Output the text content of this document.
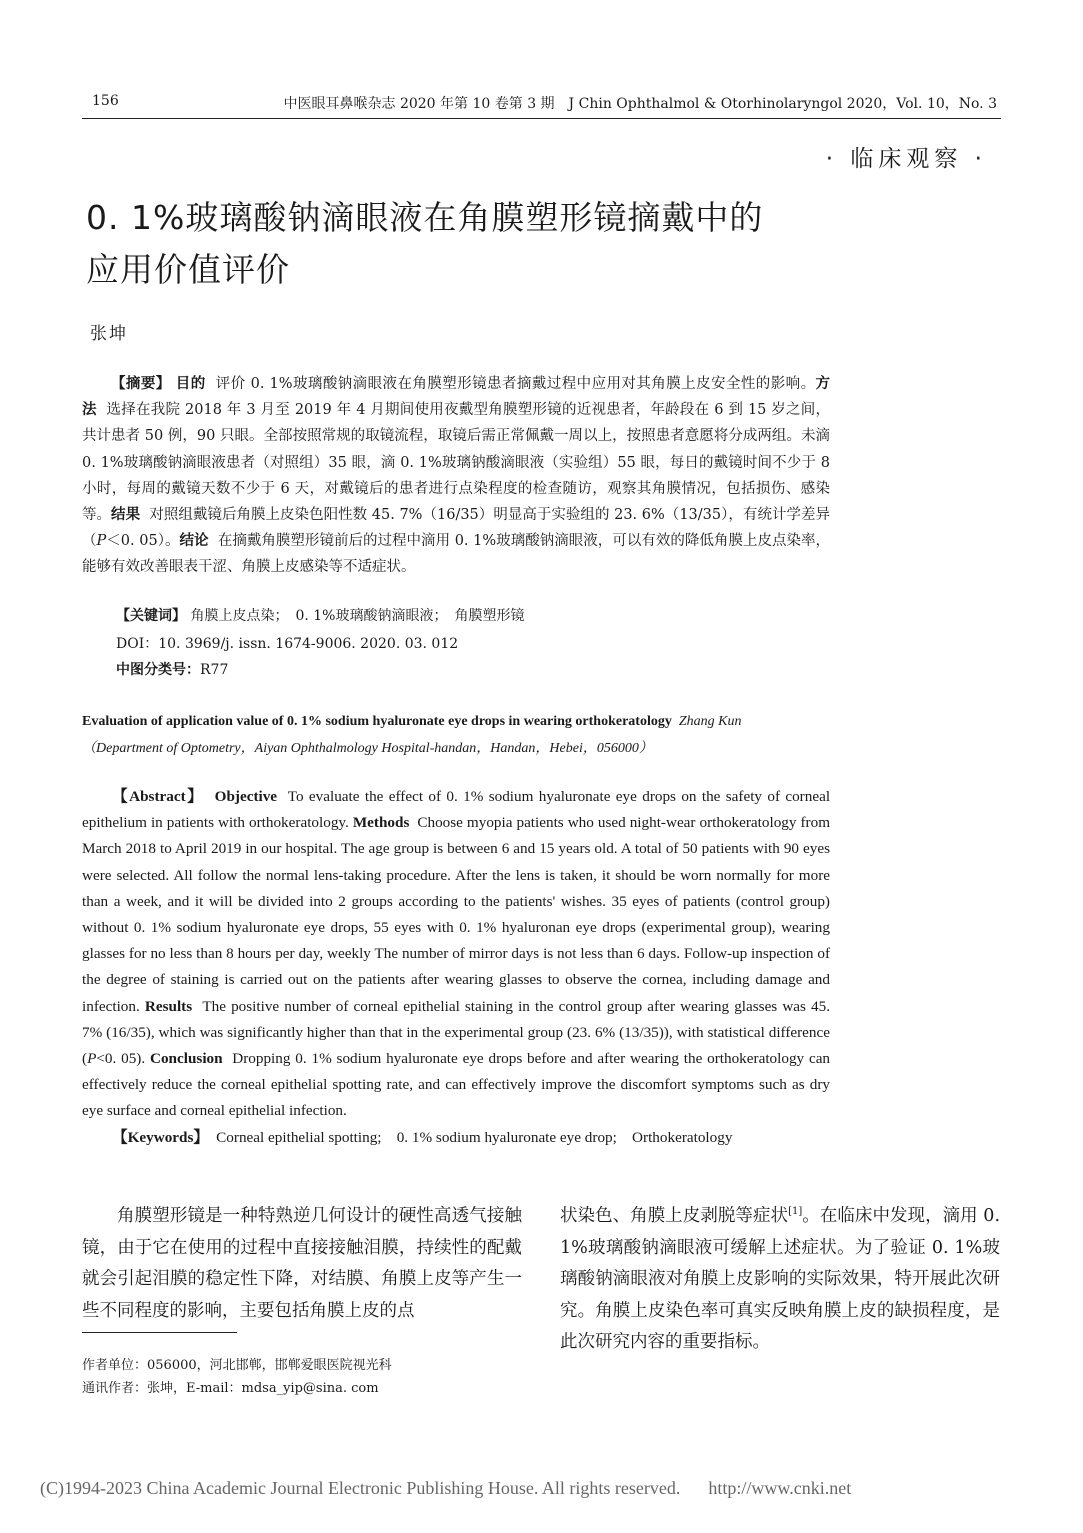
156	中医眼耳鼻喉杂志 2020 年第 10 卷第 3 期　J Chin Ophthalmol & Otorhinolaryngol 2020，Vol. 10，No. 3
· 临床观察 ·
0. 1%玻璃酸钠滴眼液在角膜塑形镜摘戴中的
应用价值评价
张坤

【摘要】 目的 评价 0. 1%玻璃酸钠滴眼液在角膜塑形镜患者摘戴过程中应用对其角膜上皮安全性的影响。方法 选择在我院 2018 年 3 月至 2019 年 4 月期间使用夜戴型角膜塑形镜的近视患者，年龄段在 6 到 15 岁之间，共计患者 50 例，90 只眼。全部按照常规的取镜流程，取镜后需正常佩戴一周以上，按照患者意愿将分成两组。未滴 0. 1%玻璃酸钠滴眼液患者（对照组）35 眼，滴 0. 1%玻璃钠酸滴眼液（实验组）55 眼，每日的戴镜时间不少于 8 小时，每周的戴镜天数不少于 6 天，对戴镜后的患者进行点染程度的检查随访，观察其角膜情况，包括损伤、感染等。结果 对照组戴镜后角膜上皮染色阳性数 45. 7%（16/35）明显高于实验组的 23. 6%（13/35），有统计学差异（P＜0. 05）。结论 在摘戴角膜塑形镜前后的过程中滴用 0. 1%玻璃酸钠滴眼液，可以有效的降低角膜上皮点染率，能够有效改善眼表干涩、角膜上皮感染等不适症状。

【关键词】 角膜上皮点染；　0. 1%玻璃酸钠滴眼液；　角膜塑形镜
DOI：10. 3969/j. issn. 1674-9006. 2020. 03. 012
中图分类号：R77
Evaluation of application value of 0. 1% sodium hyaluronate eye drops in wearing orthokeratology Zhang Kun
（Department of Optometry，Aiyan Ophthalmology Hospital-handan，Handan，Hebei，056000）

【Abstract】 Objective To evaluate the effect of 0. 1% sodium hyaluronate eye drops on the safety of corneal epithelium in patients with orthokeratology. Methods Choose myopia patients who used night-wear orthokeratology from March 2018 to April 2019 in our hospital. The age group is between 6 and 15 years old. A total of 50 patients with 90 eyes were selected. All follow the normal lens-taking procedure. After the lens is taken, it should be worn normally for more than a week, and it will be divided into 2 groups according to the patients' wishes. 35 eyes of patients (control group) without 0. 1% sodium hyaluronate eye drops, 55 eyes with 0. 1% hyaluronan eye drops (experimental group), wearing glasses for no less than 8 hours per day, weekly The number of mirror days is not less than 6 days. Follow-up inspection of the degree of staining is carried out on the patients after wearing glasses to observe the cornea, including damage and infection. Results The positive number of corneal epithelial staining in the control group after wearing glasses was 45. 7% (16/35), which was significantly higher than that in the experimental group (23. 6% (13/35)), with statistical difference (P<0. 05). Conclusion Dropping 0. 1% sodium hyaluronate eye drops before and after wearing the orthokeratology can effectively reduce the corneal epithelial spotting rate, and can effectively improve the discomfort symptoms such as dry eye surface and corneal epithelial infection.

【Keywords】 Corneal epithelial spotting;　0. 1% sodium hyaluronate eye drop;　Orthokeratology

角膜塑形镜是一种特熟逆几何设计的硬性高透气接触镜，由于它在使用的过程中直接接触泪膜，持续性的配戴就会引起泪膜的稳定性下降，对结膜、角膜上皮等产生一些不同程度的影响，主要包括角膜上皮的点

状染色、角膜上皮剥脱等症状[1]。在临床中发现，滴用 0. 1%玻璃酸钠滴眼液可缓解上述症状。为了验证 0. 1%玻璃酸钠滴眼液对角膜上皮影响的实际效果，特开展此次研究。角膜上皮染色率可真实反映角膜上皮的缺损程度，是此次研究内容的重要指标。

作者单位：056000，河北邯郸，邯郸爱眼医院视光科
通讯作者：张坤，E-mail：mdsa_yip@sina. com
(C)1994-2023 China Academic Journal Electronic Publishing House. All rights reserved. http://www.cnki.net
